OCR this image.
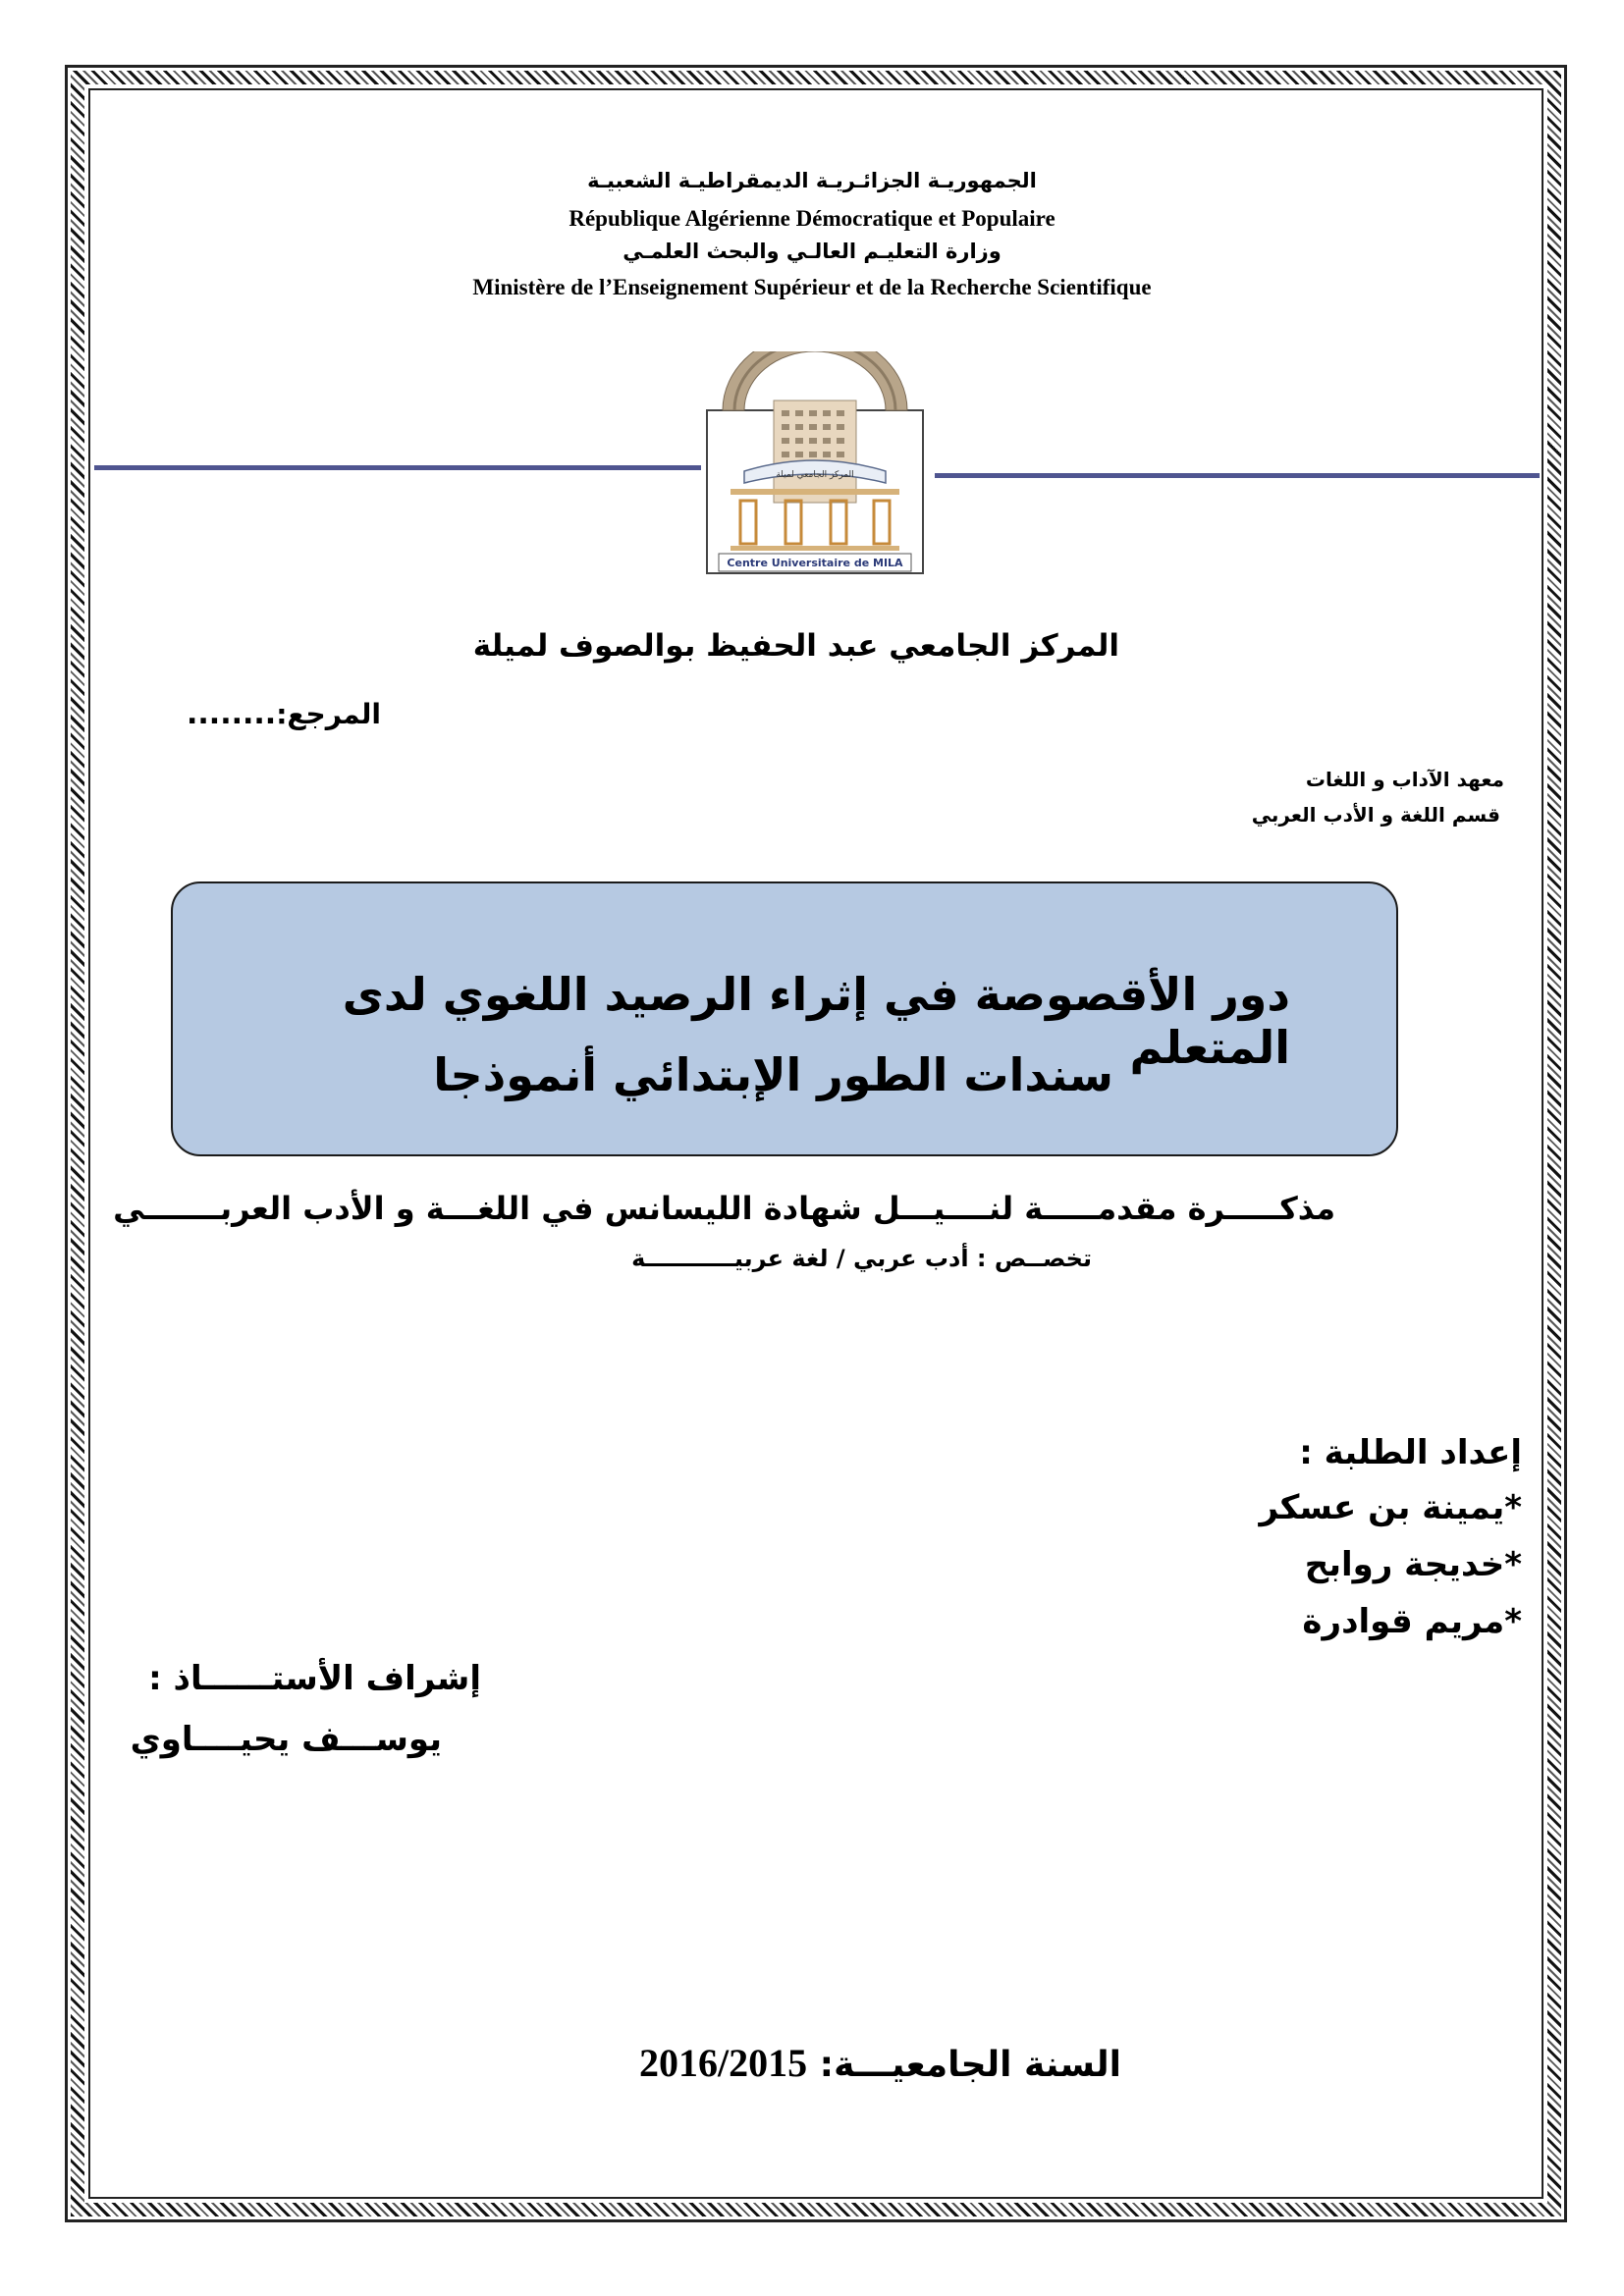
الجمهوريـة الجزائـريـة الديمقراطيـة الشعبيـة
République Algérienne Démocratique et Populaire
وزارة التعليـم العالـي والبحث العلمـي
Ministère de l’Enseignement Supérieur et de la Recherche Scientifique
المركز الجامعي لميلة
Centre Universitaire de MILA
المركز الجامعي عبد الحفيظ بوالصوف لميلة
المرجع:........
معهد الآداب و اللغات
قسم اللغة و الأدب العربي
دور الأقصوصة في إثراء الرصيد اللغوي لدى المتعلم
سندات الطور الإبتدائي أنموذجا
مذكـــــرة مقدمـــــة لنــــيـــل شهادة الليسانس في اللغـــة و الأدب العربـــــــي
تخصــص : أدب عربي / لغة عربيـــــــــــة
إعداد الطلبة :
*يمينة بن عسكر
*خديجة روابح
*مريم قوادرة
إشراف الأستــــــاذ :
يوســـف يحيــــاوي
السنة الجامعيـــة: 2016/2015
